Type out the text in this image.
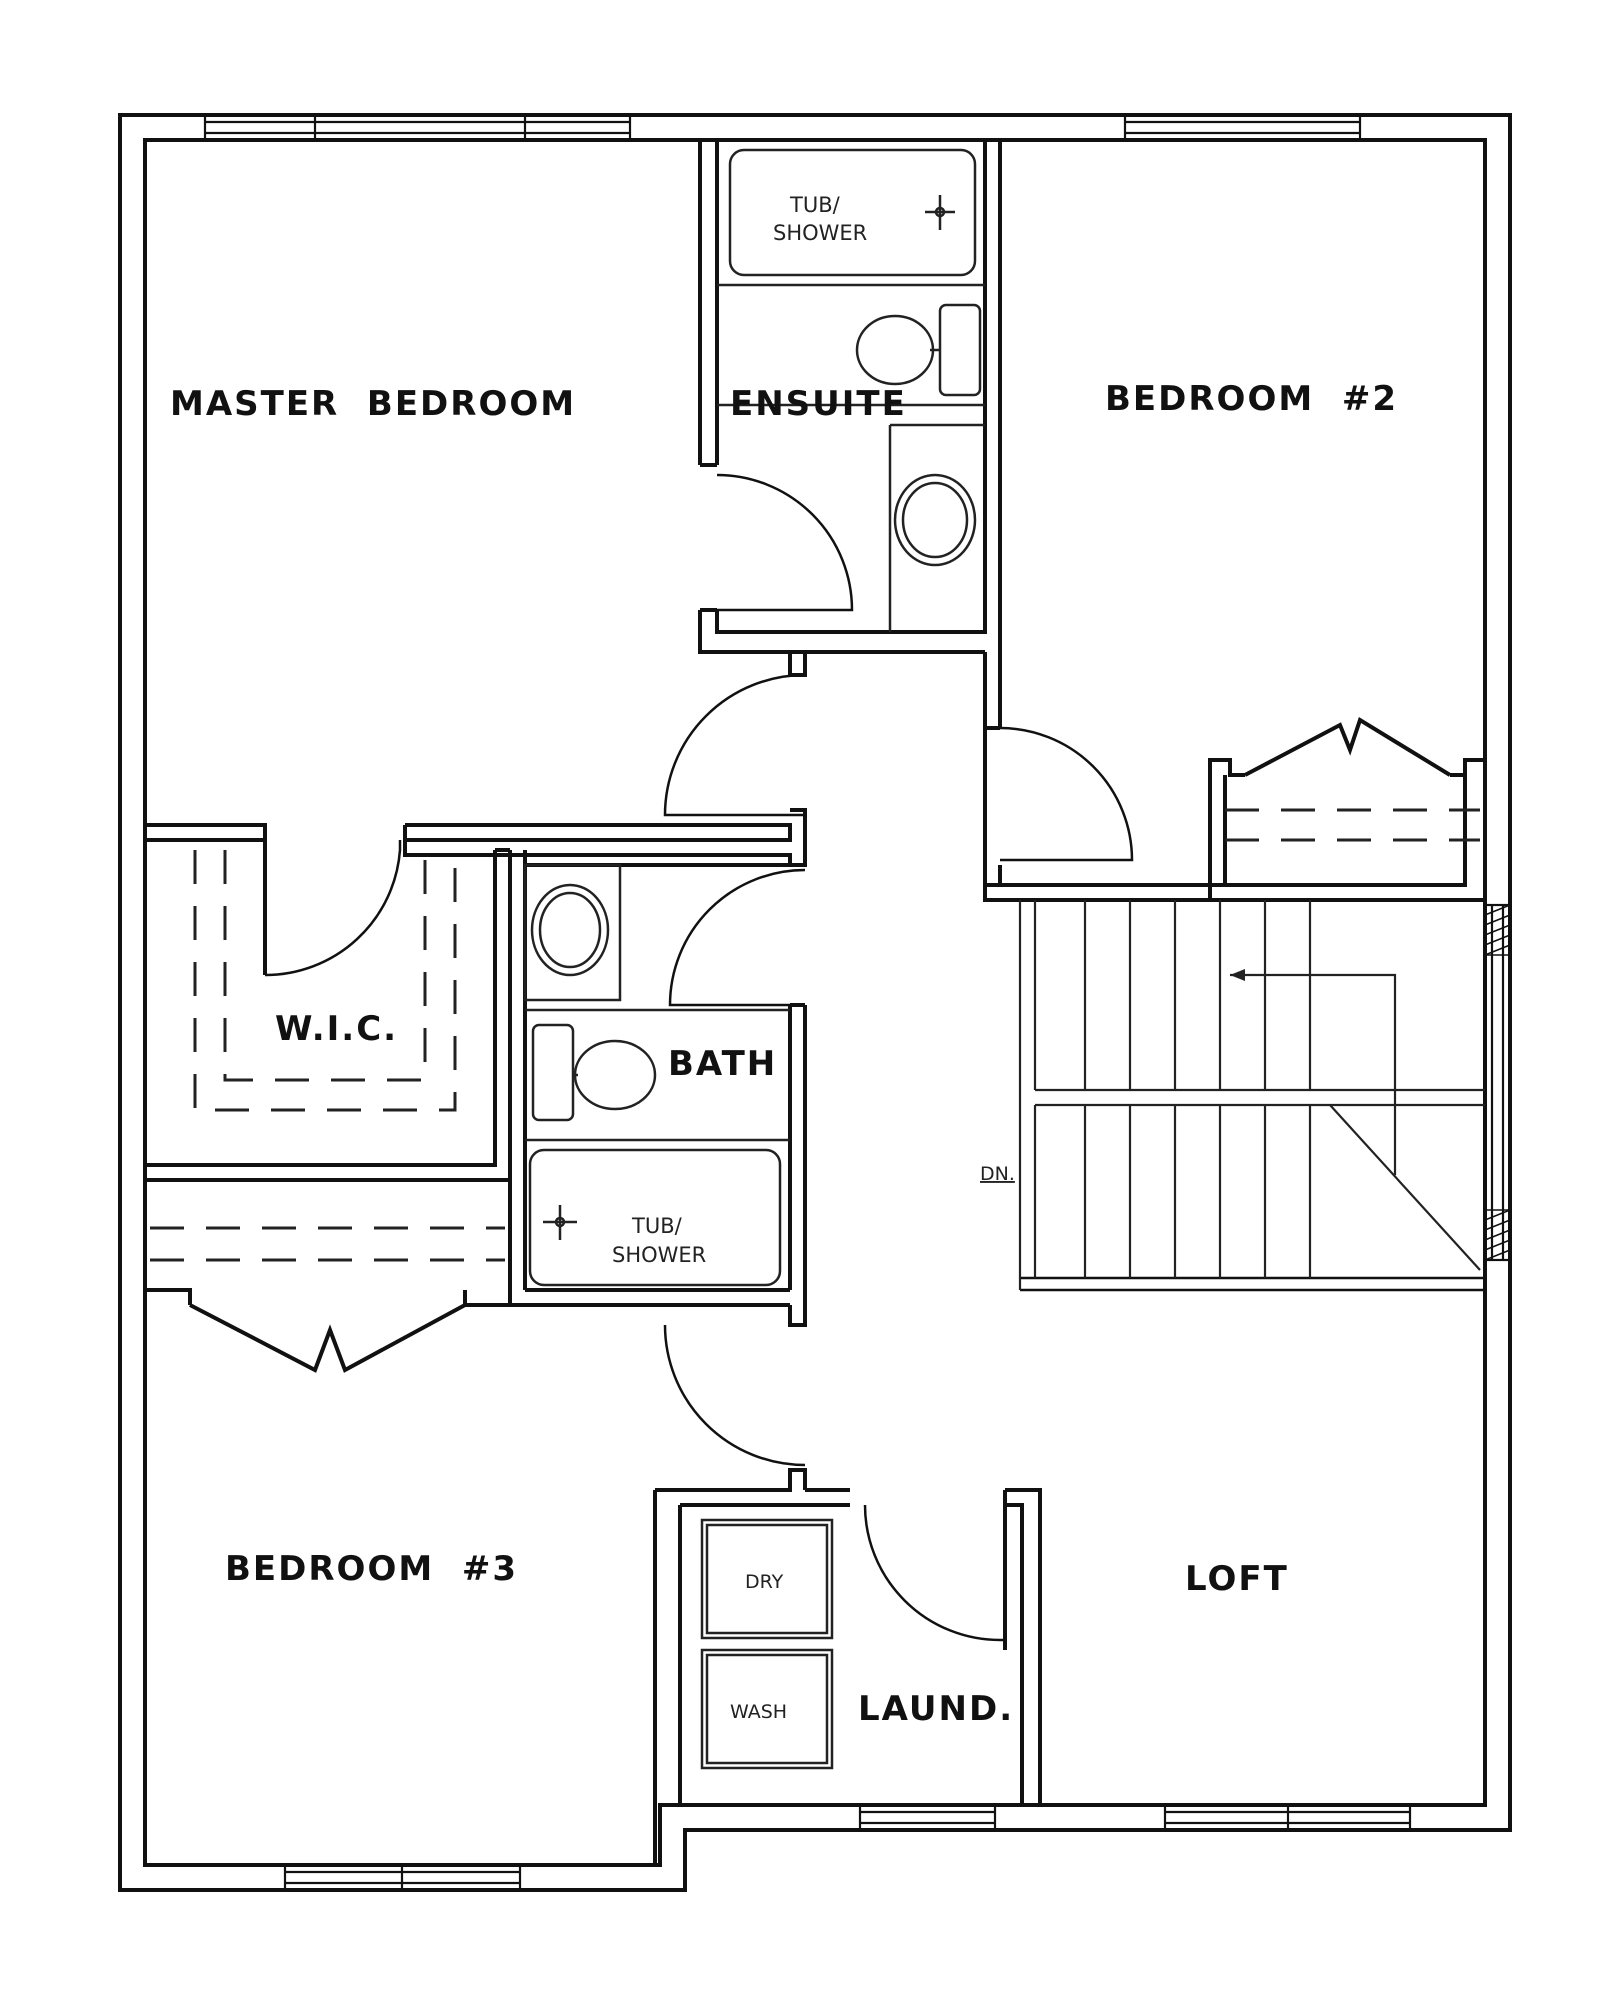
MASTER  BEDROOM	ENSUITE	BEDROOM  #2
W.I.C.
BATH
BEDROOM  #3	LOFT
LAUND.
TUB/
SHOWER
TUB/
SHOWER
DRY
WASH
DN.
